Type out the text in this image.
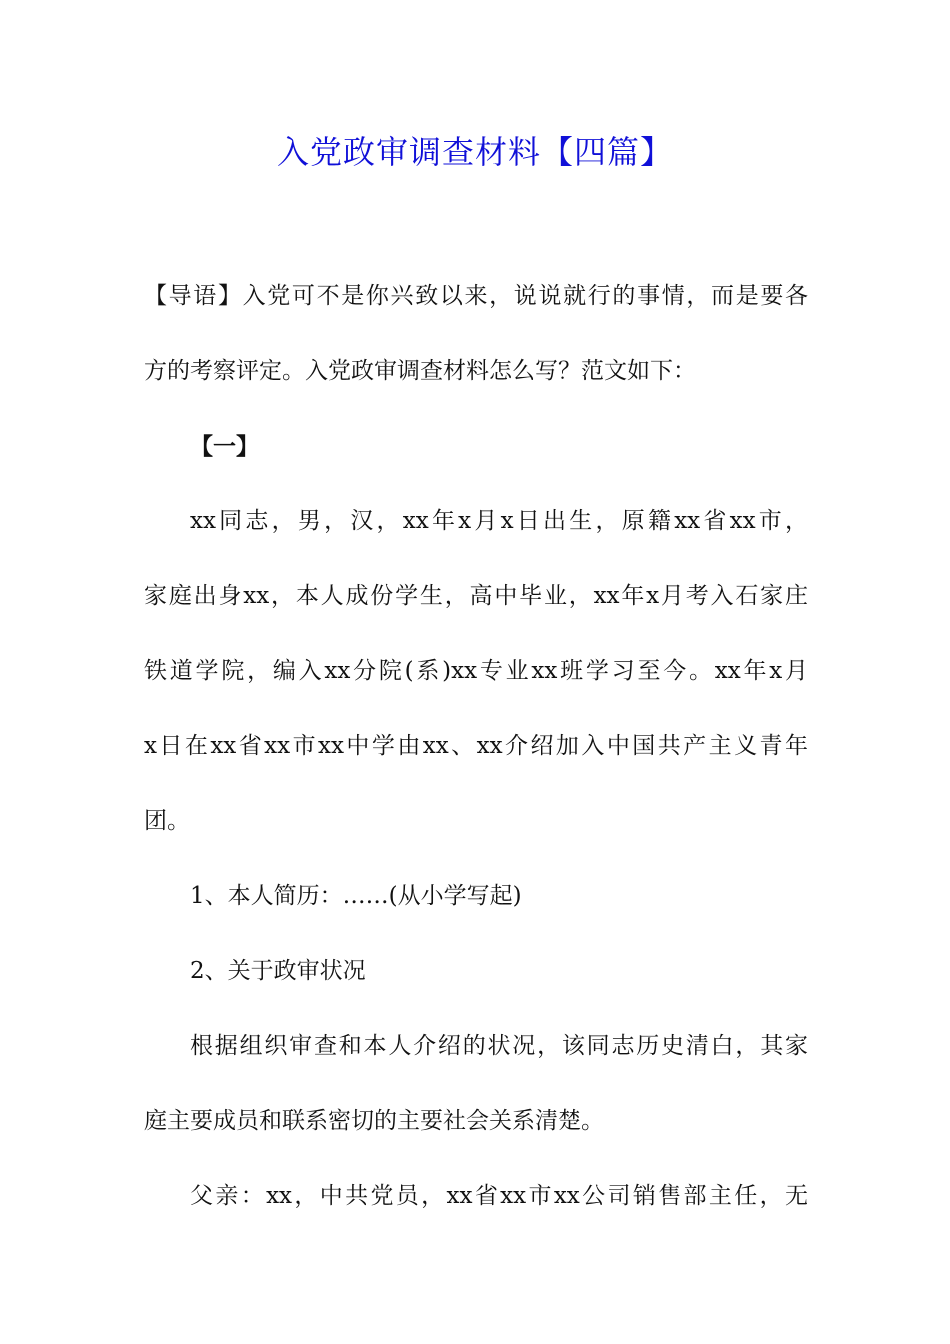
入党政审调查材料【四篇】
【导语】入党可不是你兴致以来，说说就行的事情，而是要各
方的考察评定。入党政审调查材料怎么写？范文如下：
【一】
xx同志，男，汉，xx年x月x日出生，原籍xx省xx市，
家庭出身xx，本人成份学生，高中毕业，xx年x月考入石家庄
铁道学院，编入xx分院(系)xx专业xx班学习至今。xx年x月
x日在xx省xx市xx中学由xx、xx介绍加入中国共产主义青年
团。
1、本人简历：……(从小学写起)
2、关于政审状况
根据组织审查和本人介绍的状况，该同志历史清白，其家
庭主要成员和联系密切的主要社会关系清楚。
父亲：xx，中共党员，xx省xx市xx公司销售部主任，无
